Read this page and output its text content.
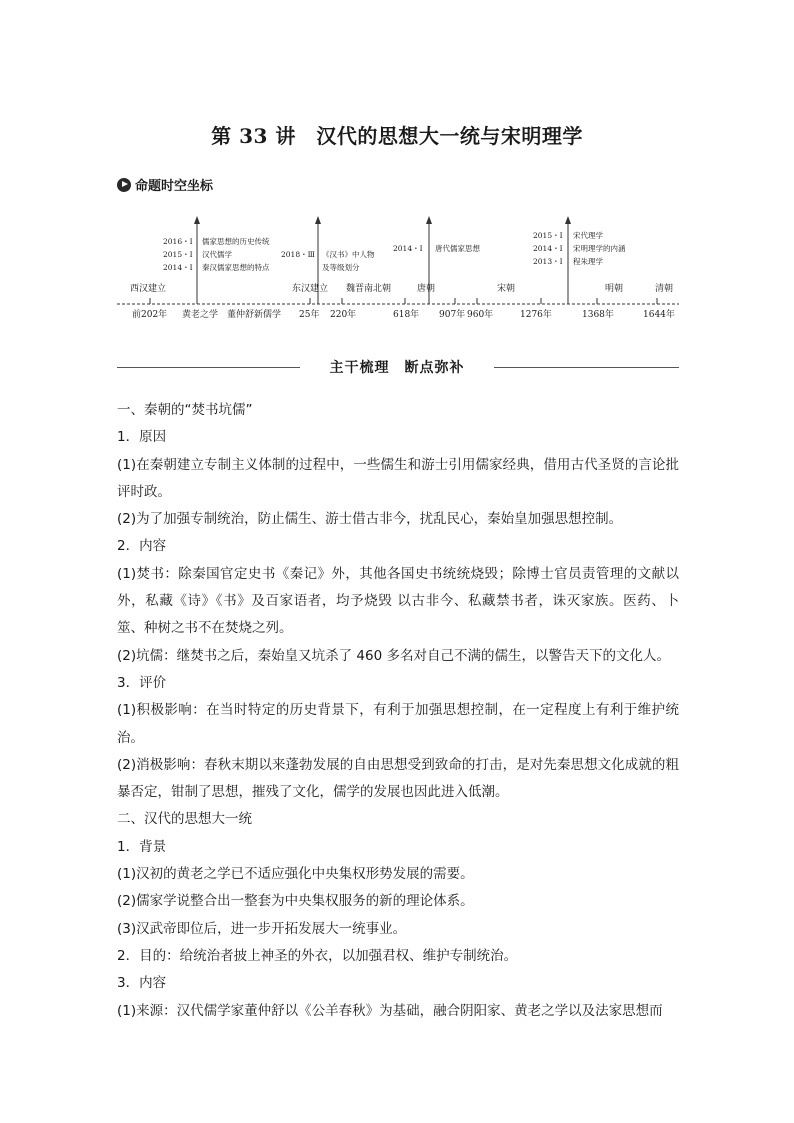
第 33 讲　汉代的思想大一统与宋明理学
命题时空坐标
2016・Ⅰ
2015・Ⅰ
2014・Ⅰ
儒家思想的历史传统
汉代儒学
秦汉儒家思想的特点
2018・Ⅲ 《汉书》中人物
及等级划分
2014・Ⅰ 唐代儒家思想
2015・Ⅰ
2014・Ⅰ
2013・Ⅰ
宋代理学
宋明理学的内涵
程朱理学
西汉建立	东汉建立 魏晋南北朝	唐朝	宋朝	明朝	清朝
前202年 黄老之学 董仲舒新儒学 25年 220年	618年 907年 960年	1276年	1368年	1644年
主干梳理　断点弥补

一、秦朝的“焚书坑儒”

1．原因

(1)在秦朝建立专制主义体制的过程中，一些儒生和游士引用儒家经典，借用古代圣贤的言论批评时政。

(2)为了加强专制统治，防止儒生、游士借古非今，扰乱民心，秦始皇加强思想控制。

2．内容

(1)焚书：除秦国官定史书《秦记》外，其他各国史书统统烧毁；除博士官员责管理的文献以外，私藏《诗》《书》及百家语者，均予烧毁 以古非今、私藏禁书者，诛灭家族。医药、卜筮、种树之书不在焚烧之列。

(2)坑儒：继焚书之后，秦始皇又坑杀了 460 多名对自己不满的儒生，以警告天下的文化人。

3．评价

(1)积极影响：在当时特定的历史背景下，有利于加强思想控制，在一定程度上有利于维护统治。

(2)消极影响：春秋末期以来蓬勃发展的自由思想受到致命的打击，是对先秦思想文化成就的粗暴否定，钳制了思想，摧残了文化，儒学的发展也因此进入低潮。

二、汉代的思想大一统

1．背景

(1)汉初的黄老之学已不适应强化中央集权形势发展的需要。

(2)儒家学说整合出一整套为中央集权服务的新的理论体系。

(3)汉武帝即位后，进一步开拓发展大一统事业。

2．目的：给统治者披上神圣的外衣，以加强君权、维护专制统治。

3．内容

(1)来源：汉代儒学家董仲舒以《公羊春秋》为基础，融合阴阳家、黄老之学以及法家思想而
